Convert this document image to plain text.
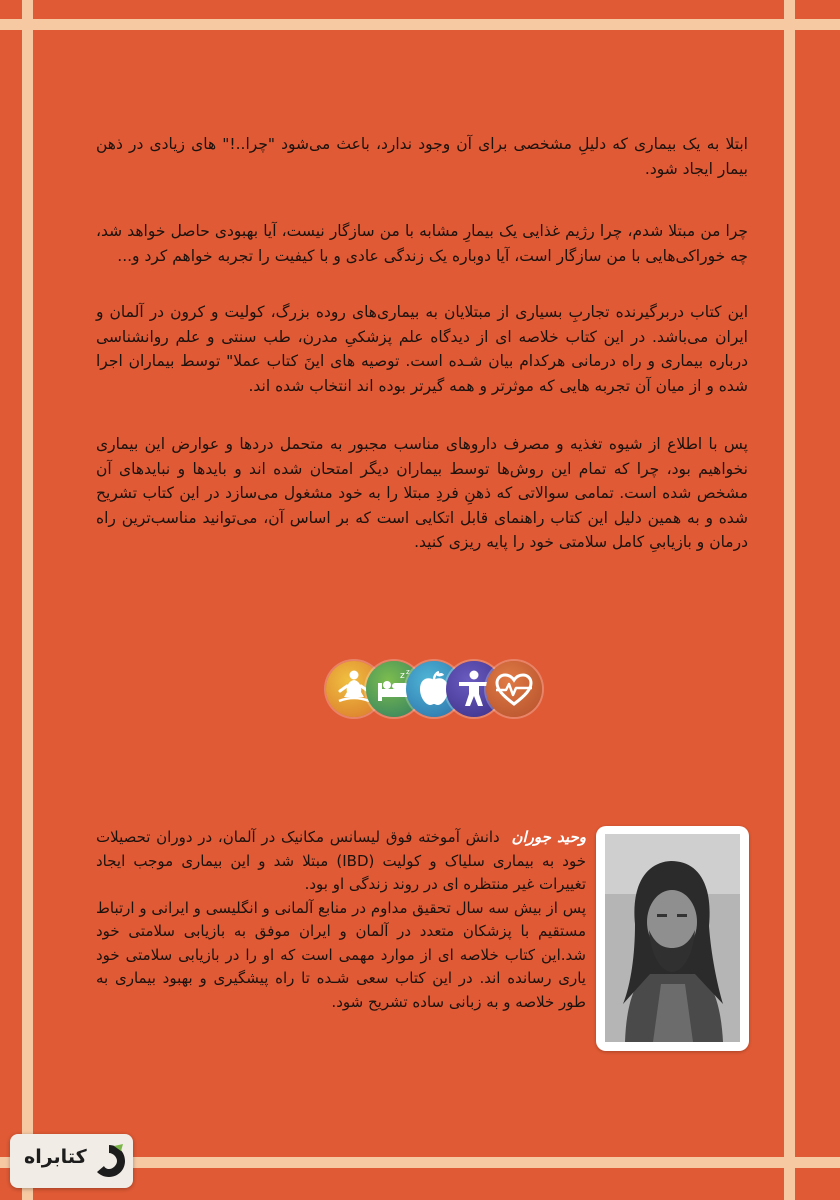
ابتلا به یک بیماری که دلیلِ مشخصی برای آن وجود ندارد، باعث می‌شود "چرا..!" های زیادی در ذهن بیمار ایجاد شود.

چرا من مبتلا شدم، چرا رژیم غذایی یک بیمارِ مشابه با من سازگار نیست، آیا بهبودی حاصل خواهد شد، چه خوراکی‌هایی با من سازگار است، آیا دوباره یک زندگی عادی و با کیفیت را تجربه خواهم کرد و...

این کتاب دربرگیرنده تجاربِ بسیاری از مبتلایان به بیماری‌های روده بزرگ، کولیت و کرون در آلمان و ایران می‌باشد. در این کتاب خلاصه ای از دیدگاه علم پزشکیِ مدرن، طب سنتی و علم روانشناسی درباره بیماری و راه درمانی هرکدام بیان شـده است. توصیه های اینَ کتاب عملا" توسط بیماران اجرا شده و از میان آن تجربه هایی که موثرتر و همه گیرتر بوده اند انتخاب شده اند.

پس با اطلاع از شیوه تغذیه و مصرف داروهای مناسب مجبور به متحمل دردها و عوارض این بیماری نخواهیم بود، چرا که تمام این روش‌ها توسط بیماران دیگر امتحان شده اند و بایدها و نبایدهای آن مشخص شده است. تمامی سوالاتی که ذهنِ فردِ مبتلا را به خود مشغول می‌سازد در این کتاب تشریح شده و به همین دلیل این کتاب راهنمای قابل اتکایی است که بر اساس آن، می‌توانید مناسب‌ترین راه درمان و بازیابیِ کامل سلامتی خود را پایه ریزی کنید.

z z

وحید جوران دانش آموخته فوق لیسانس مکانیک در آلمان، در دوران تحصیلات خود به بیماری سلیاک و کولیت (IBD) مبتلا شد و این بیماری موجب ایجاد تغییرات غیر منتظره ای در روند زندگی او بود.
پس از بیش سه سال تحقیق مداوم در منابع آلمانی و انگلیسی و ایرانی و ارتباط مستقیم با پزشکان متعدد در آلمان و ایران موفق به بازیابی سلامتی خود شد.این کتاب خلاصه ای از موارد مهمی است که او را در بازیابی سلامتی خود یاری رسانده اند. در این کتاب سعی شـده تا راه پیشگیری و بهبود بیماری به طور خلاصه و به زبانی ساده تشریح شود.

کتابراه
